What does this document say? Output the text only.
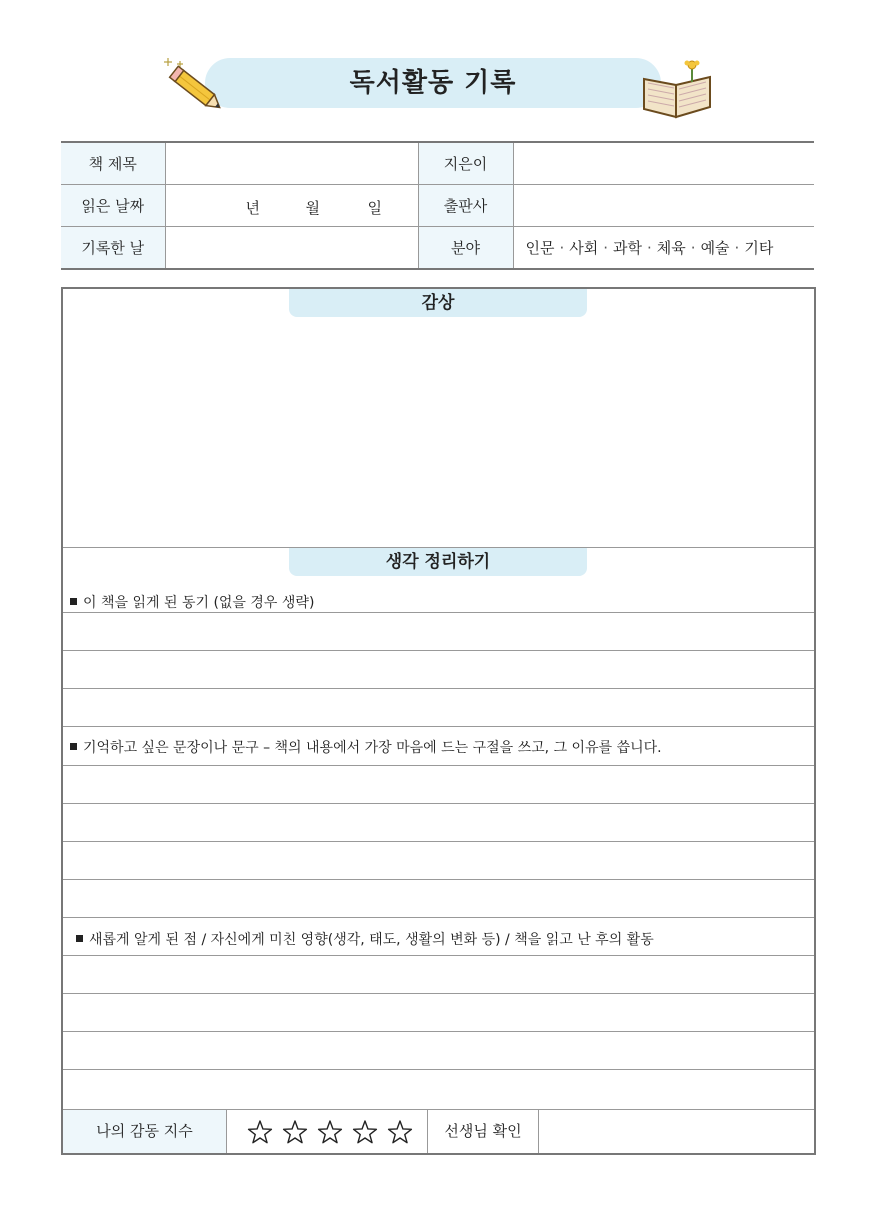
독서활동 기록
책 제목		지은이	
읽은 날짜	년 월 일	출판사	
기록한 날		분야	인문 · 사회 · 과학 · 체육 · 예술 · 기타
감상
생각 정리하기
이 책을 읽게 된 동기 (없을 경우 생략)
기억하고 싶은 문장이나 문구 – 책의 내용에서 가장 마음에 드는 구절을 쓰고, 그 이유를 씁니다.
새롭게 알게 된 점 / 자신에게 미친 영향(생각, 태도, 생활의 변화 등) / 책을 읽고 난 후의 활동
나의 감동 지수	선생님 확인
